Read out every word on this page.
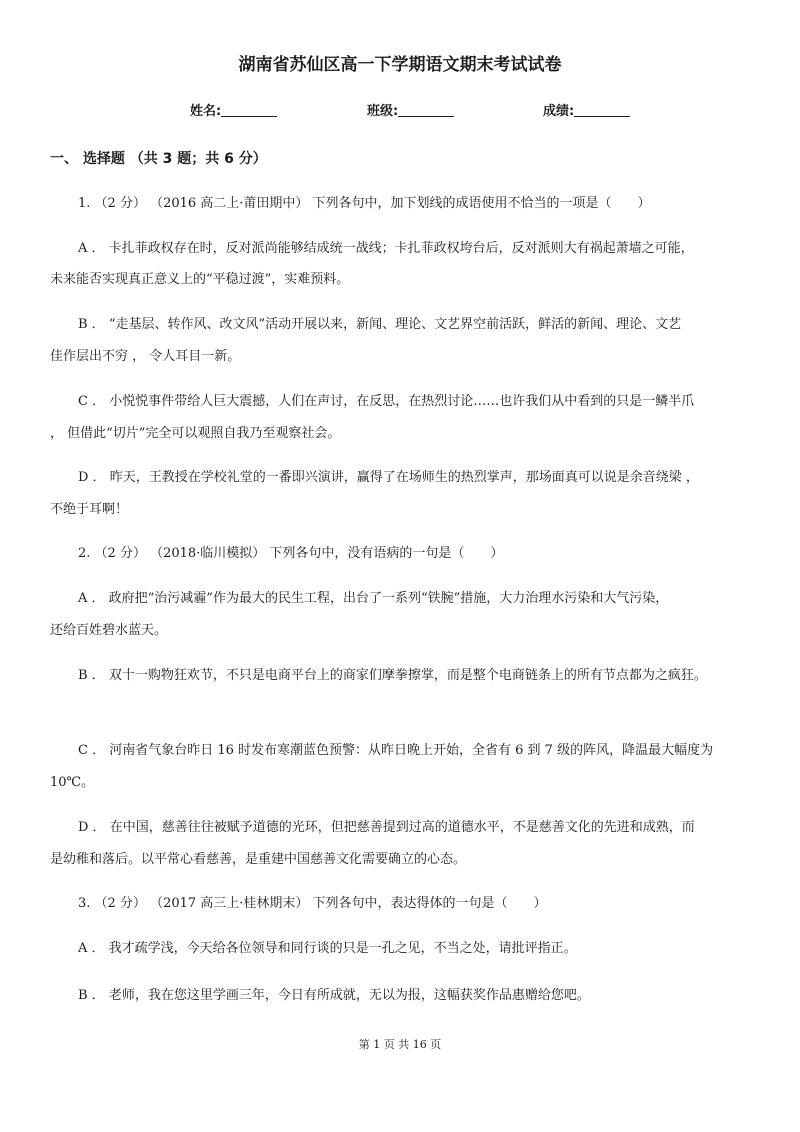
湖南省苏仙区高一下学期语文期末考试试卷
姓名:	班级:	成绩:
一、 选择题 （共 3 题；共 6 分）
1. （2 分） （2016 高二上·莆田期中） 下列各句中，加下划线的成语使用不恰当的一项是（　　）
A ． 卡扎菲政权存在时，反对派尚能够结成统一战线；卡扎菲政权垮台后，反对派则大有祸起萧墙之可能，
未来能否实现真正意义上的“平稳过渡”，实难预料。
B ． “走基层、转作风、改文风”活动开展以来，新闻、理论、文艺界空前活跃，鲜活的新闻、理论、文艺
佳作层出不穷 ， 令人耳目一新。
C ． 小悦悦事件带给人巨大震撼，人们在声讨，在反思，在热烈讨论……也许我们从中看到的只是一鳞半爪
， 但借此“切片”完全可以观照自我乃至观察社会。
D ． 昨天，王教授在学校礼堂的一番即兴演讲，赢得了在场师生的热烈掌声，那场面真可以说是余音绕梁 ，
不绝于耳啊！
2. （2 分） （2018·临川模拟） 下列各句中，没有语病的一句是（　　）
A ． 政府把“治污减霾”作为最大的民生工程，出台了一系列“铁腕”措施，大力治理水污染和大气污染，
还给百姓碧水蓝天。
B ． 双十一购物狂欢节，不只是电商平台上的商家们摩拳擦掌，而是整个电商链条上的所有节点都为之疯狂。
C ． 河南省气象台昨日 16 时发布寒潮蓝色预警：从昨日晚上开始，全省有 6 到 7 级的阵风，降温最大幅度为
10℃。
D ． 在中国，慈善往往被赋予道德的光环，但把慈善提到过高的道德水平，不是慈善文化的先进和成熟，而
是幼稚和落后。以平常心看慈善，是重建中国慈善文化需要确立的心态。
3. （2 分） （2017 高三上·桂林期末） 下列各句中，表达得体的一句是（　　）
A ． 我才疏学浅，今天给各位领导和同行谈的只是一孔之见，不当之处，请批评指正。
B ． 老师，我在您这里学画三年，今日有所成就，无以为报，这幅获奖作品惠赠给您吧。
第 1 页 共 16 页
